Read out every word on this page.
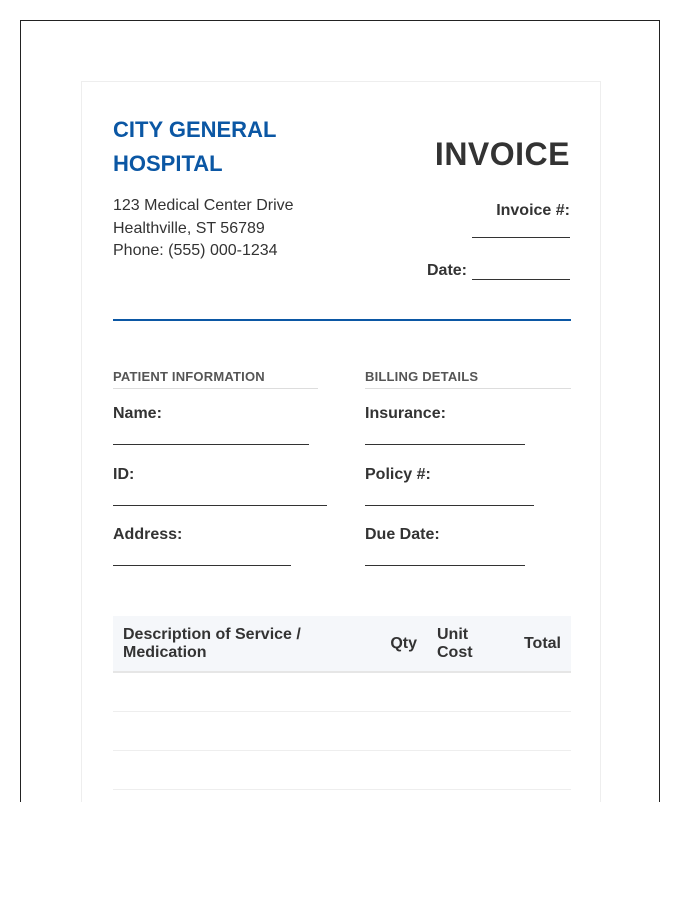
CITY GENERAL HOSPITAL
123 Medical Center Drive
Healthville, ST 56789
Phone: (555) 000-1234
INVOICE
Invoice #:
Date:
PATIENT INFORMATION
Name:
ID:
Address:
BILLING DETAILS
Insurance:
Policy #:
Due Date:
Description of Service / Medication
Qty
Unit Cost
Total
